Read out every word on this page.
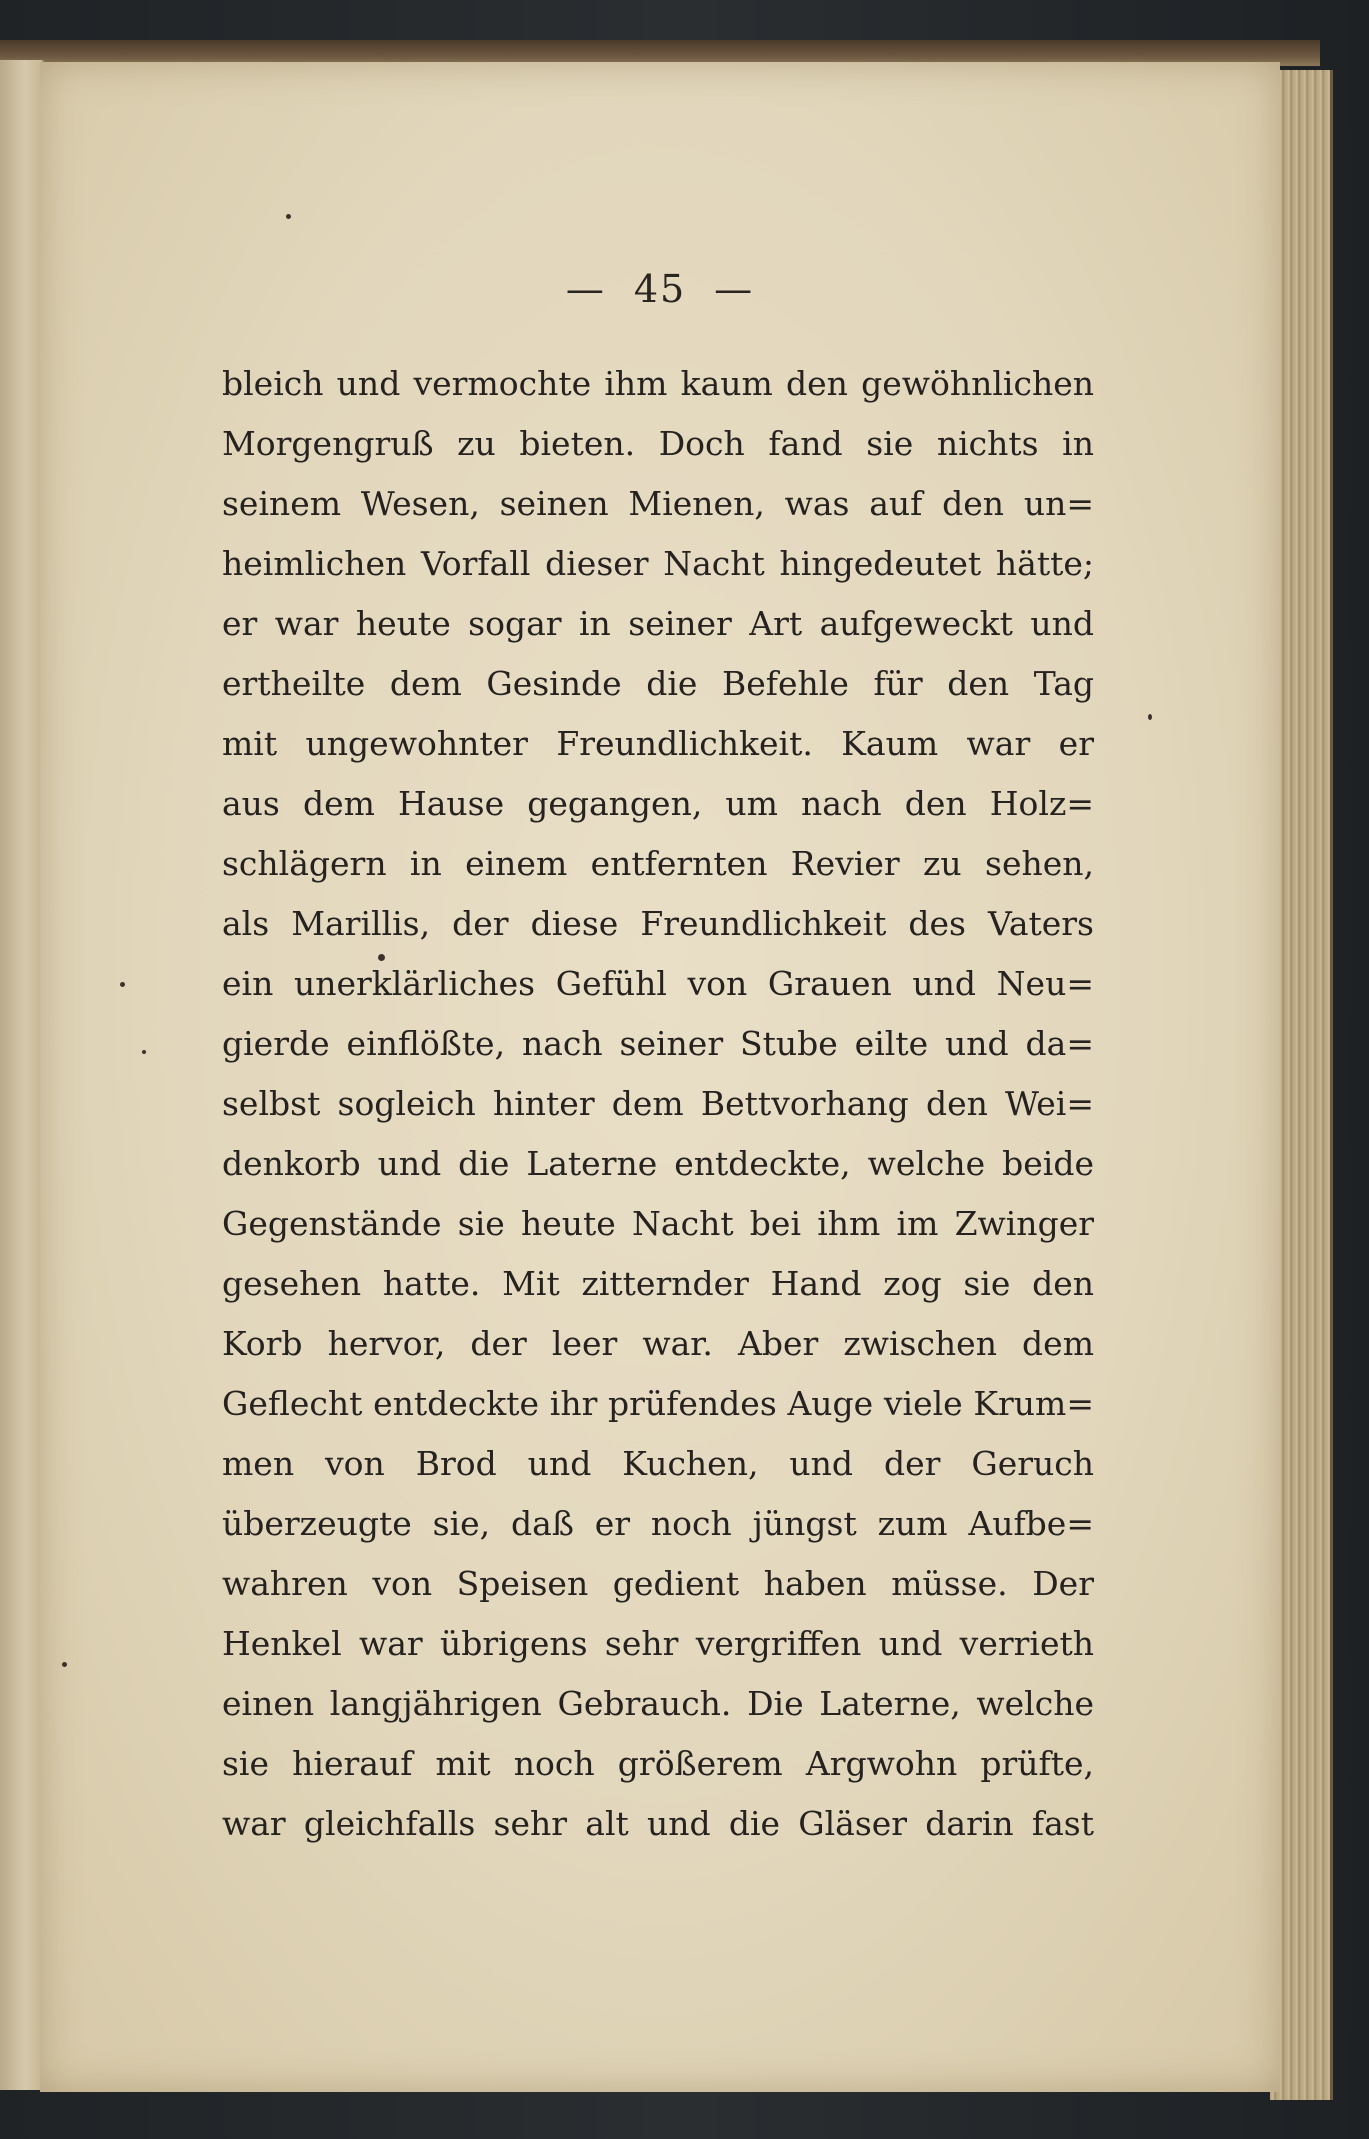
— 45 —
bleich und vermochte ihm kaum den gewöhnlichen
Morgengruß zu bieten. Doch fand sie nichts in
seinem Wesen, seinen Mienen, was auf den un=
heimlichen Vorfall dieser Nacht hingedeutet hätte;
er war heute sogar in seiner Art aufgeweckt und
ertheilte dem Gesinde die Befehle für den Tag
mit ungewohnter Freundlichkeit. Kaum war er
aus dem Hause gegangen, um nach den Holz=
schlägern in einem entfernten Revier zu sehen,
als Marillis, der diese Freundlichkeit des Vaters
ein unerklärliches Gefühl von Grauen und Neu=
gierde einflößte, nach seiner Stube eilte und da=
selbst sogleich hinter dem Bettvorhang den Wei=
denkorb und die Laterne entdeckte, welche beide
Gegenstände sie heute Nacht bei ihm im Zwinger
gesehen hatte. Mit zitternder Hand zog sie den
Korb hervor, der leer war. Aber zwischen dem
Geflecht entdeckte ihr prüfendes Auge viele Krum=
men von Brod und Kuchen, und der Geruch
überzeugte sie, daß er noch jüngst zum Aufbe=
wahren von Speisen gedient haben müsse. Der
Henkel war übrigens sehr vergriffen und verrieth
einen langjährigen Gebrauch. Die Laterne, welche
sie hierauf mit noch größerem Argwohn prüfte,
war gleichfalls sehr alt und die Gläser darin fast
